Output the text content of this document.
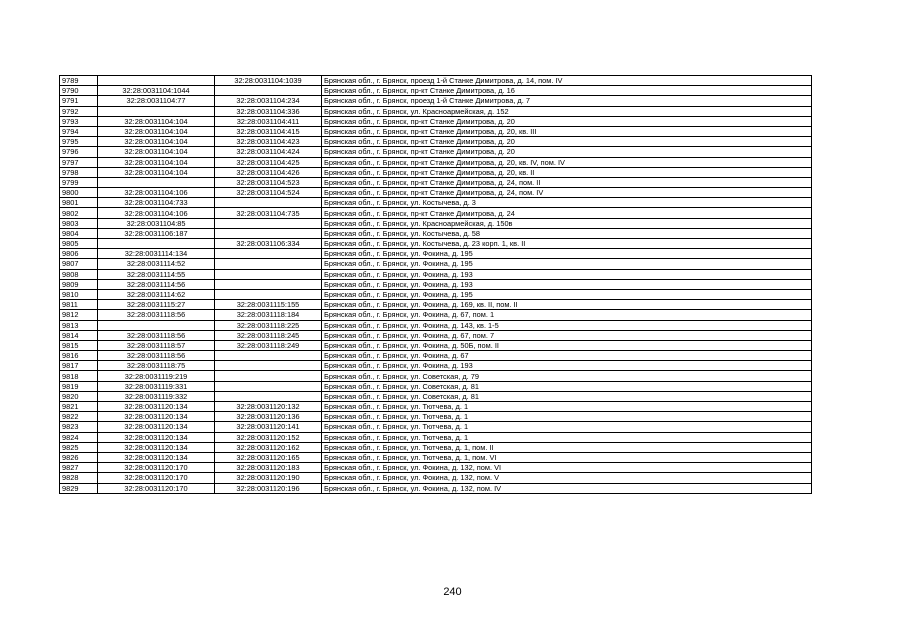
9789		32:28:0031104:1039	Брянская обл., г. Брянск, проезд 1-й Станке Димитрова, д. 14, пом. IV
9790	32:28:0031104:1044		Брянская обл., г. Брянск, пр-кт Станке Димитрова, д. 16
9791	32:28:0031104:77	32:28:0031104:234	Брянская обл., г. Брянск, проезд 1-й Станке Димитрова, д. 7
9792		32:28:0031104:336	Брянская обл., г. Брянск, ул. Красноармейская, д. 152
9793	32:28:0031104:104	32:28:0031104:411	Брянская обл., г. Брянск, пр-кт Станке Димитрова, д. 20
9794	32:28:0031104:104	32:28:0031104:415	Брянская обл., г. Брянск, пр-кт Станке Димитрова, д. 20, кв. III
9795	32:28:0031104:104	32:28:0031104:423	Брянская обл., г. Брянск, пр-кт Станке Димитрова, д. 20
9796	32:28:0031104:104	32:28:0031104:424	Брянская обл., г. Брянск, пр-кт Станке Димитрова, д. 20
9797	32:28:0031104:104	32:28:0031104:425	Брянская обл., г. Брянск, пр-кт Станке Димитрова, д. 20, кв. IV, пом. IV
9798	32:28:0031104:104	32:28:0031104:426	Брянская обл., г. Брянск, пр-кт Станке Димитрова, д. 20, кв. II
9799		32:28:0031104:523	Брянская обл., г. Брянск, пр-кт Станке Димитрова, д. 24, пом. II
9800	32:28:0031104:106	32:28:0031104:524	Брянская обл., г. Брянск, пр-кт Станке Димитрова, д. 24, пом. IV
9801	32:28:0031104:733		Брянская обл., г. Брянск, ул. Костычева, д. 3
9802	32:28:0031104:106	32:28:0031104:735	Брянская обл., г. Брянск, пр-кт Станке Димитрова, д. 24
9803	32:28:0031104:85		Брянская обл., г. Брянск, ул. Красноармейская, д. 150в
9804	32:28:0031106:187		Брянская обл., г. Брянск, ул. Костычева, д. 58
9805		32:28:0031106:334	Брянская обл., г. Брянск, ул. Костычева, д. 23 корп. 1, кв. II
9806	32:28:0031114:134		Брянская обл., г. Брянск, ул. Фокина, д. 195
9807	32:28:0031114:52		Брянская обл., г. Брянск, ул. Фокина, д. 195
9808	32:28:0031114:55		Брянская обл., г. Брянск, ул. Фокина, д. 193
9809	32:28:0031114:56		Брянская обл., г. Брянск, ул. Фокина, д. 193
9810	32:28:0031114:62		Брянская обл., г. Брянск, ул. Фокина, д. 195
9811	32:28:0031115:27	32:28:0031115:155	Брянская обл., г. Брянск, ул. Фокина, д. 169, кв. II, пом. II
9812	32:28:0031118:56	32:28:0031118:184	Брянская обл., г. Брянск, ул. Фокина, д. 67, пом. 1
9813		32:28:0031118:225	Брянская обл., г. Брянск, ул. Фокина, д. 143, кв. 1-5
9814	32:28:0031118:56	32:28:0031118:245	Брянская обл., г. Брянск, ул. Фокина, д. 67, пом. 7
9815	32:28:0031118:57	32:28:0031118:249	Брянская обл., г. Брянск, ул. Фокина, д. 50Б, пом. II
9816	32:28:0031118:56		Брянская обл., г. Брянск, ул. Фокина, д. 67
9817	32:28:0031118:75		Брянская обл., г. Брянск, ул. Фокина, д. 193
9818	32:28:0031119:219		Брянская обл., г. Брянск, ул. Советская, д. 79
9819	32:28:0031119:331		Брянская обл., г. Брянск, ул. Советская, д. 81
9820	32:28:0031119:332		Брянская обл., г. Брянск, ул. Советская, д. 81
9821	32:28:0031120:134	32:28:0031120:132	Брянская обл., г. Брянск, ул. Тютчева, д. 1
9822	32:28:0031120:134	32:28:0031120:136	Брянская обл., г. Брянск, ул. Тютчева, д. 1
9823	32:28:0031120:134	32:28:0031120:141	Брянская обл., г. Брянск, ул. Тютчева, д. 1
9824	32:28:0031120:134	32:28:0031120:152	Брянская обл., г. Брянск, ул. Тютчева, д. 1
9825	32:28:0031120:134	32:28:0031120:162	Брянская обл., г. Брянск, ул. Тютчева, д. 1, пом. II
9826	32:28:0031120:134	32:28:0031120:165	Брянская обл., г. Брянск, ул. Тютчева, д. 1, пом. VI
9827	32:28:0031120:170	32:28:0031120:183	Брянская обл., г. Брянск, ул. Фокина, д. 132, пом. VI
9828	32:28:0031120:170	32:28:0031120:190	Брянская обл., г. Брянск, ул. Фокина, д. 132, пом. V
9829	32:28:0031120:170	32:28:0031120:196	Брянская обл., г. Брянск, ул. Фокина, д. 132, пом. IV
240
